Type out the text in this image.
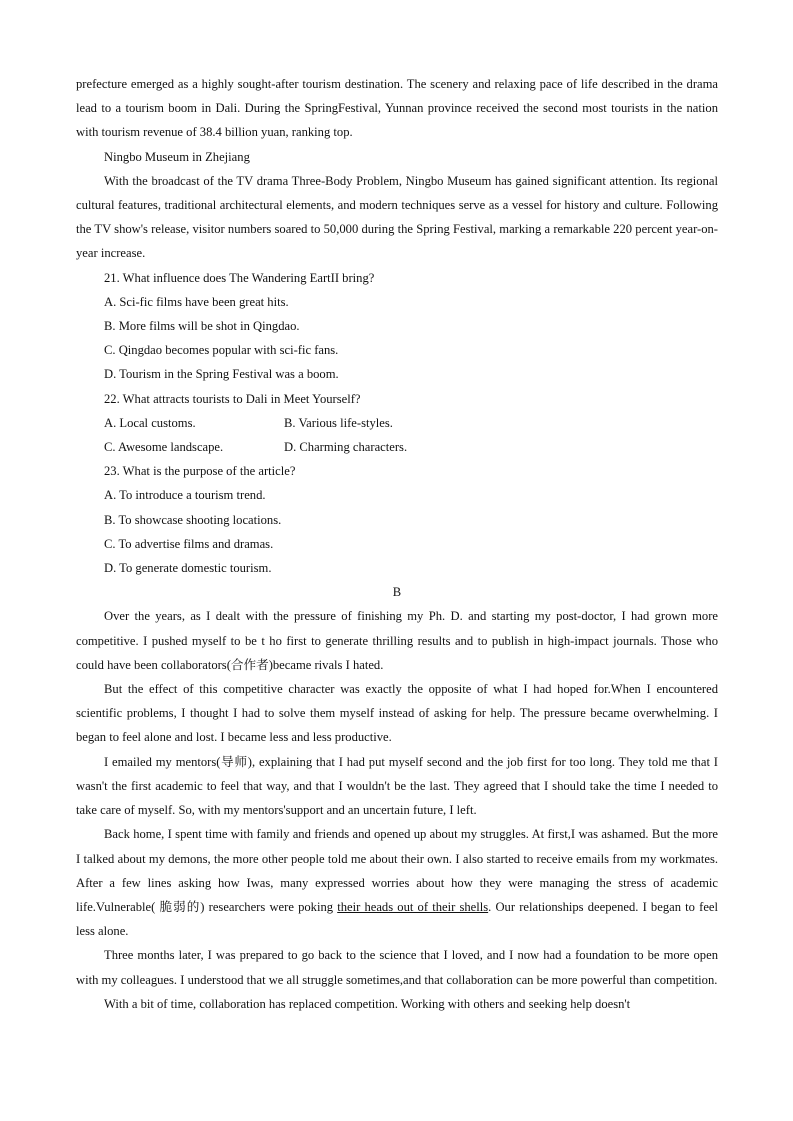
prefecture emerged as a highly sought-after tourism destination. The scenery and relaxing pace of life described in the drama lead to a tourism boom in Dali. During the SpringFestival, Yunnan province received the second most tourists in the nation with tourism revenue of 38.4 billion yuan, ranking top.

Ningbo Museum in Zhejiang

With the broadcast of the TV drama Three-Body Problem, Ningbo Museum has gained significant attention. Its regional cultural features, traditional architectural elements, and modern techniques serve as a vessel for history and culture. Following the TV show's release, visitor numbers soared to 50,000 during the Spring Festival, marking a remarkable 220 percent year-on-year increase.

21. What influence does The Wandering EartII bring?

A. Sci-fic films have been great hits.

B. More films will be shot in Qingdao.

C. Qingdao becomes popular with sci-fic fans.

D. Tourism in the Spring Festival was a boom.

22. What attracts tourists to Dali in Meet Yourself?

A. Local customs.	B. Various life-styles.
C. Awesome landscape.	D. Charming characters.

23. What is the purpose of the article?

A. To introduce a tourism trend.

B. To showcase shooting locations.

C. To advertise films and dramas.

D. To generate domestic tourism.

B

Over the years, as I dealt with the pressure of finishing my Ph. D. and starting my post-doctor, I had grown more competitive. I pushed myself to be t ho first to generate thrilling results and to publish in high-impact journals. Those who could have been collaborators(合作者)became rivals I hated.

But the effect of this competitive character was exactly the opposite of what I had hoped for.When I encountered scientific problems, I thought I had to solve them myself instead of asking for help. The pressure became overwhelming. I began to feel alone and lost. I became less and less productive.

I emailed my mentors(导师), explaining that I had put myself second and the job first for too long. They told me that I wasn't the first academic to feel that way, and that I wouldn't be the last. They agreed that I should take the time I needed to take care of myself. So, with my mentors'support and an uncertain future, I left.

Back home, I spent time with family and friends and opened up about my struggles. At first,I was ashamed. But the more I talked about my demons, the more other people told me about their own. I also started to receive emails from my workmates. After a few lines asking how Iwas, many expressed worries about how they were managing the stress of academic life.Vulnerable( 脆弱的) researchers were poking their heads out of their shells. Our relationships deepened. I began to feel less alone.

Three months later, I was prepared to go back to the science that I loved, and I now had a foundation to be more open with my colleagues. I understood that we all struggle sometimes,and that collaboration can be more powerful than competition.

With a bit of time, collaboration has replaced competition. Working with others and seeking help doesn't
